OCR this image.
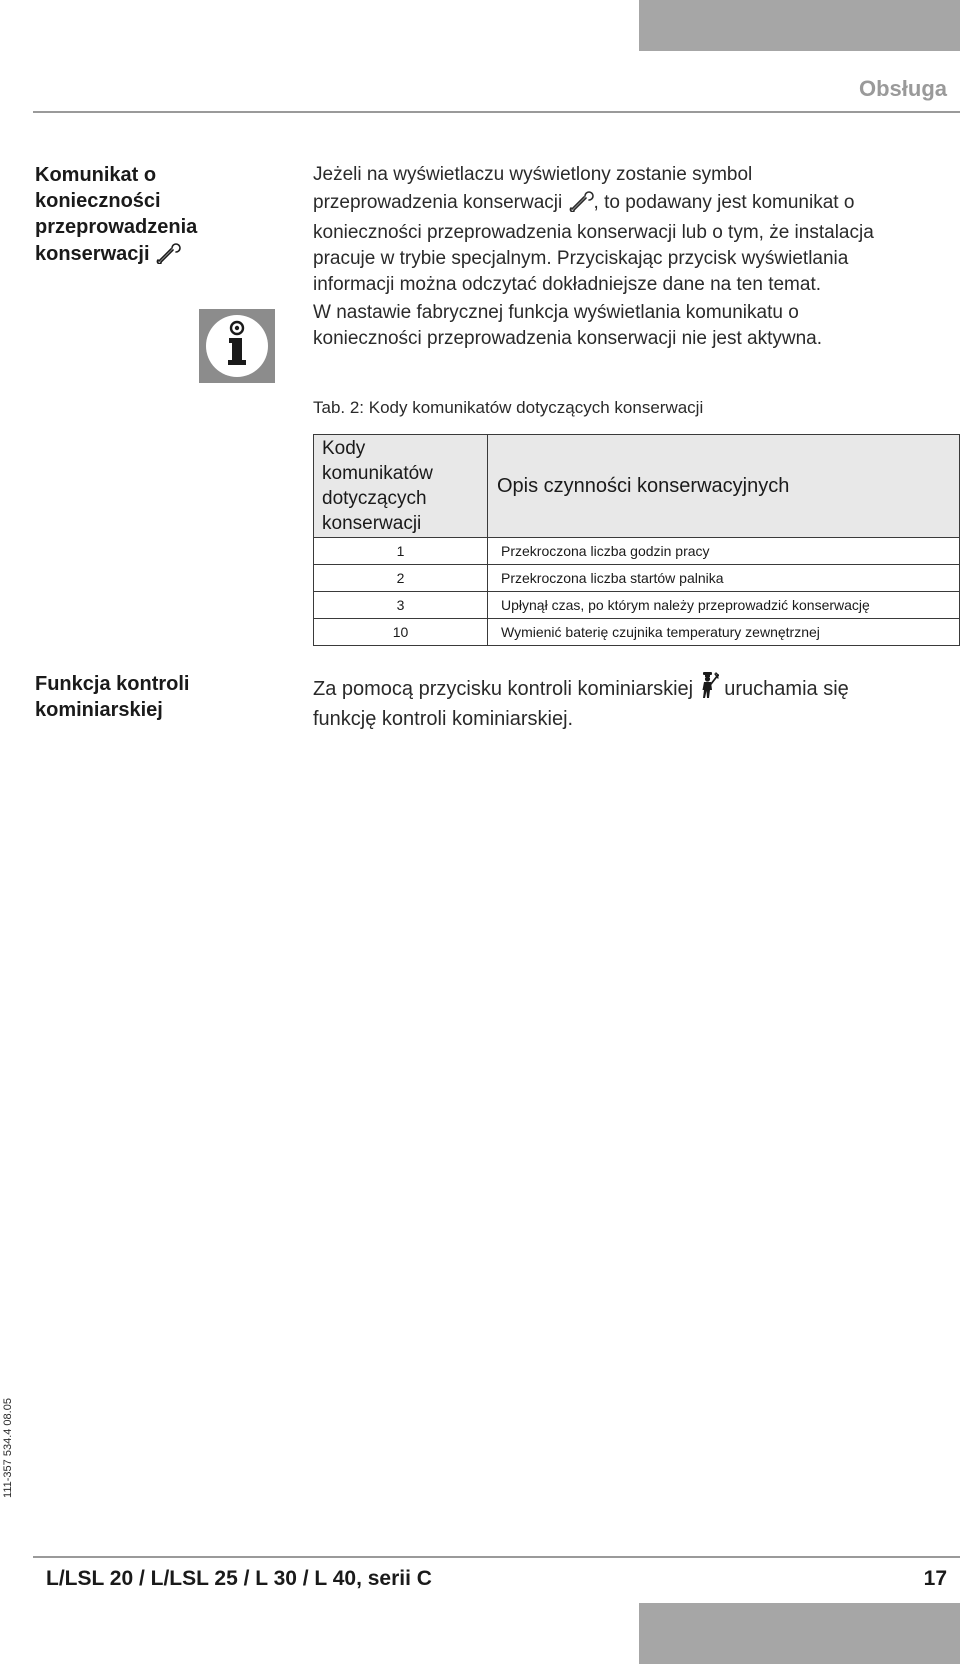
Obsługa
Komunikat o
konieczności
przeprowadzenia
konserwacji

Jeżeli na wyświetlaczu wyświetlony zostanie symbol
przeprowadzenia konserwacji , to podawany jest komunikat o
konieczności przeprowadzenia konserwacji lub o tym, że instalacja
pracuje w trybie specjalnym. Przyciskając przycisk wyświetlania
informacji można odczytać dokładniejsze dane na ten temat.

W nastawie fabrycznej funkcja wyświetlania komunikatu o
konieczności przeprowadzenia konserwacji nie jest aktywna.

Tab. 2: Kody komunikatów dotyczących konserwacji
Kody
komunikatów
dotyczących
konserwacji	Opis czynności konserwacyjnych
1	Przekroczona liczba godzin pracy
2	Przekroczona liczba startów palnika
3	Upłynął czas, po którym należy przeprowadzić konserwację
10	Wymienić baterię czujnika temperatury zewnętrznej
Funkcja kontroli
kominiarskiej
Za pomocą przycisku kontroli kominiarskiej  uruchamia się
funkcję kontroli kominiarskiej.
111-357 534.4 08.05
L/LSL 20 / L/LSL 25 / L 30 / L 40, serii C	17
